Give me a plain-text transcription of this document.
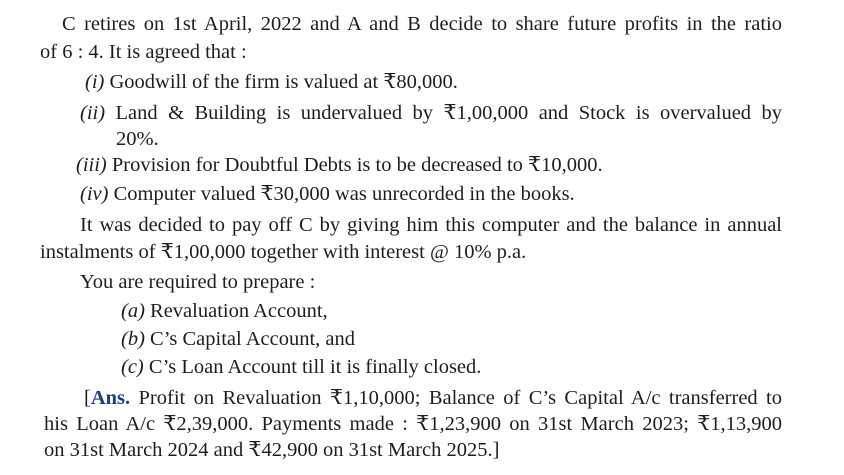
C retires on 1st April, 2022 and A and B decide to share future profits in the ratio
of 6 : 4. It is agreed that :
(i) Goodwill of the firm is valued at ₹80,000.
(ii) Land & Building is undervalued by ₹1,00,000 and Stock is overvalued by
20%.
(iii) Provision for Doubtful Debts is to be decreased to ₹10,000.
(iv) Computer valued ₹30,000 was unrecorded in the books.
It was decided to pay off C by giving him this computer and the balance in annual
instalments of ₹1,00,000 together with interest @ 10% p.a.
You are required to prepare :
(a) Revaluation Account,
(b) C’s Capital Account, and
(c) C’s Loan Account till it is finally closed.
[Ans. Profit on Revaluation ₹1,10,000; Balance of C’s Capital A/c transferred to
his Loan A/c ₹2,39,000. Payments made : ₹1,23,900 on 31st March 2023; ₹1,13,900
on 31st March 2024 and ₹42,900 on 31st March 2025.]
